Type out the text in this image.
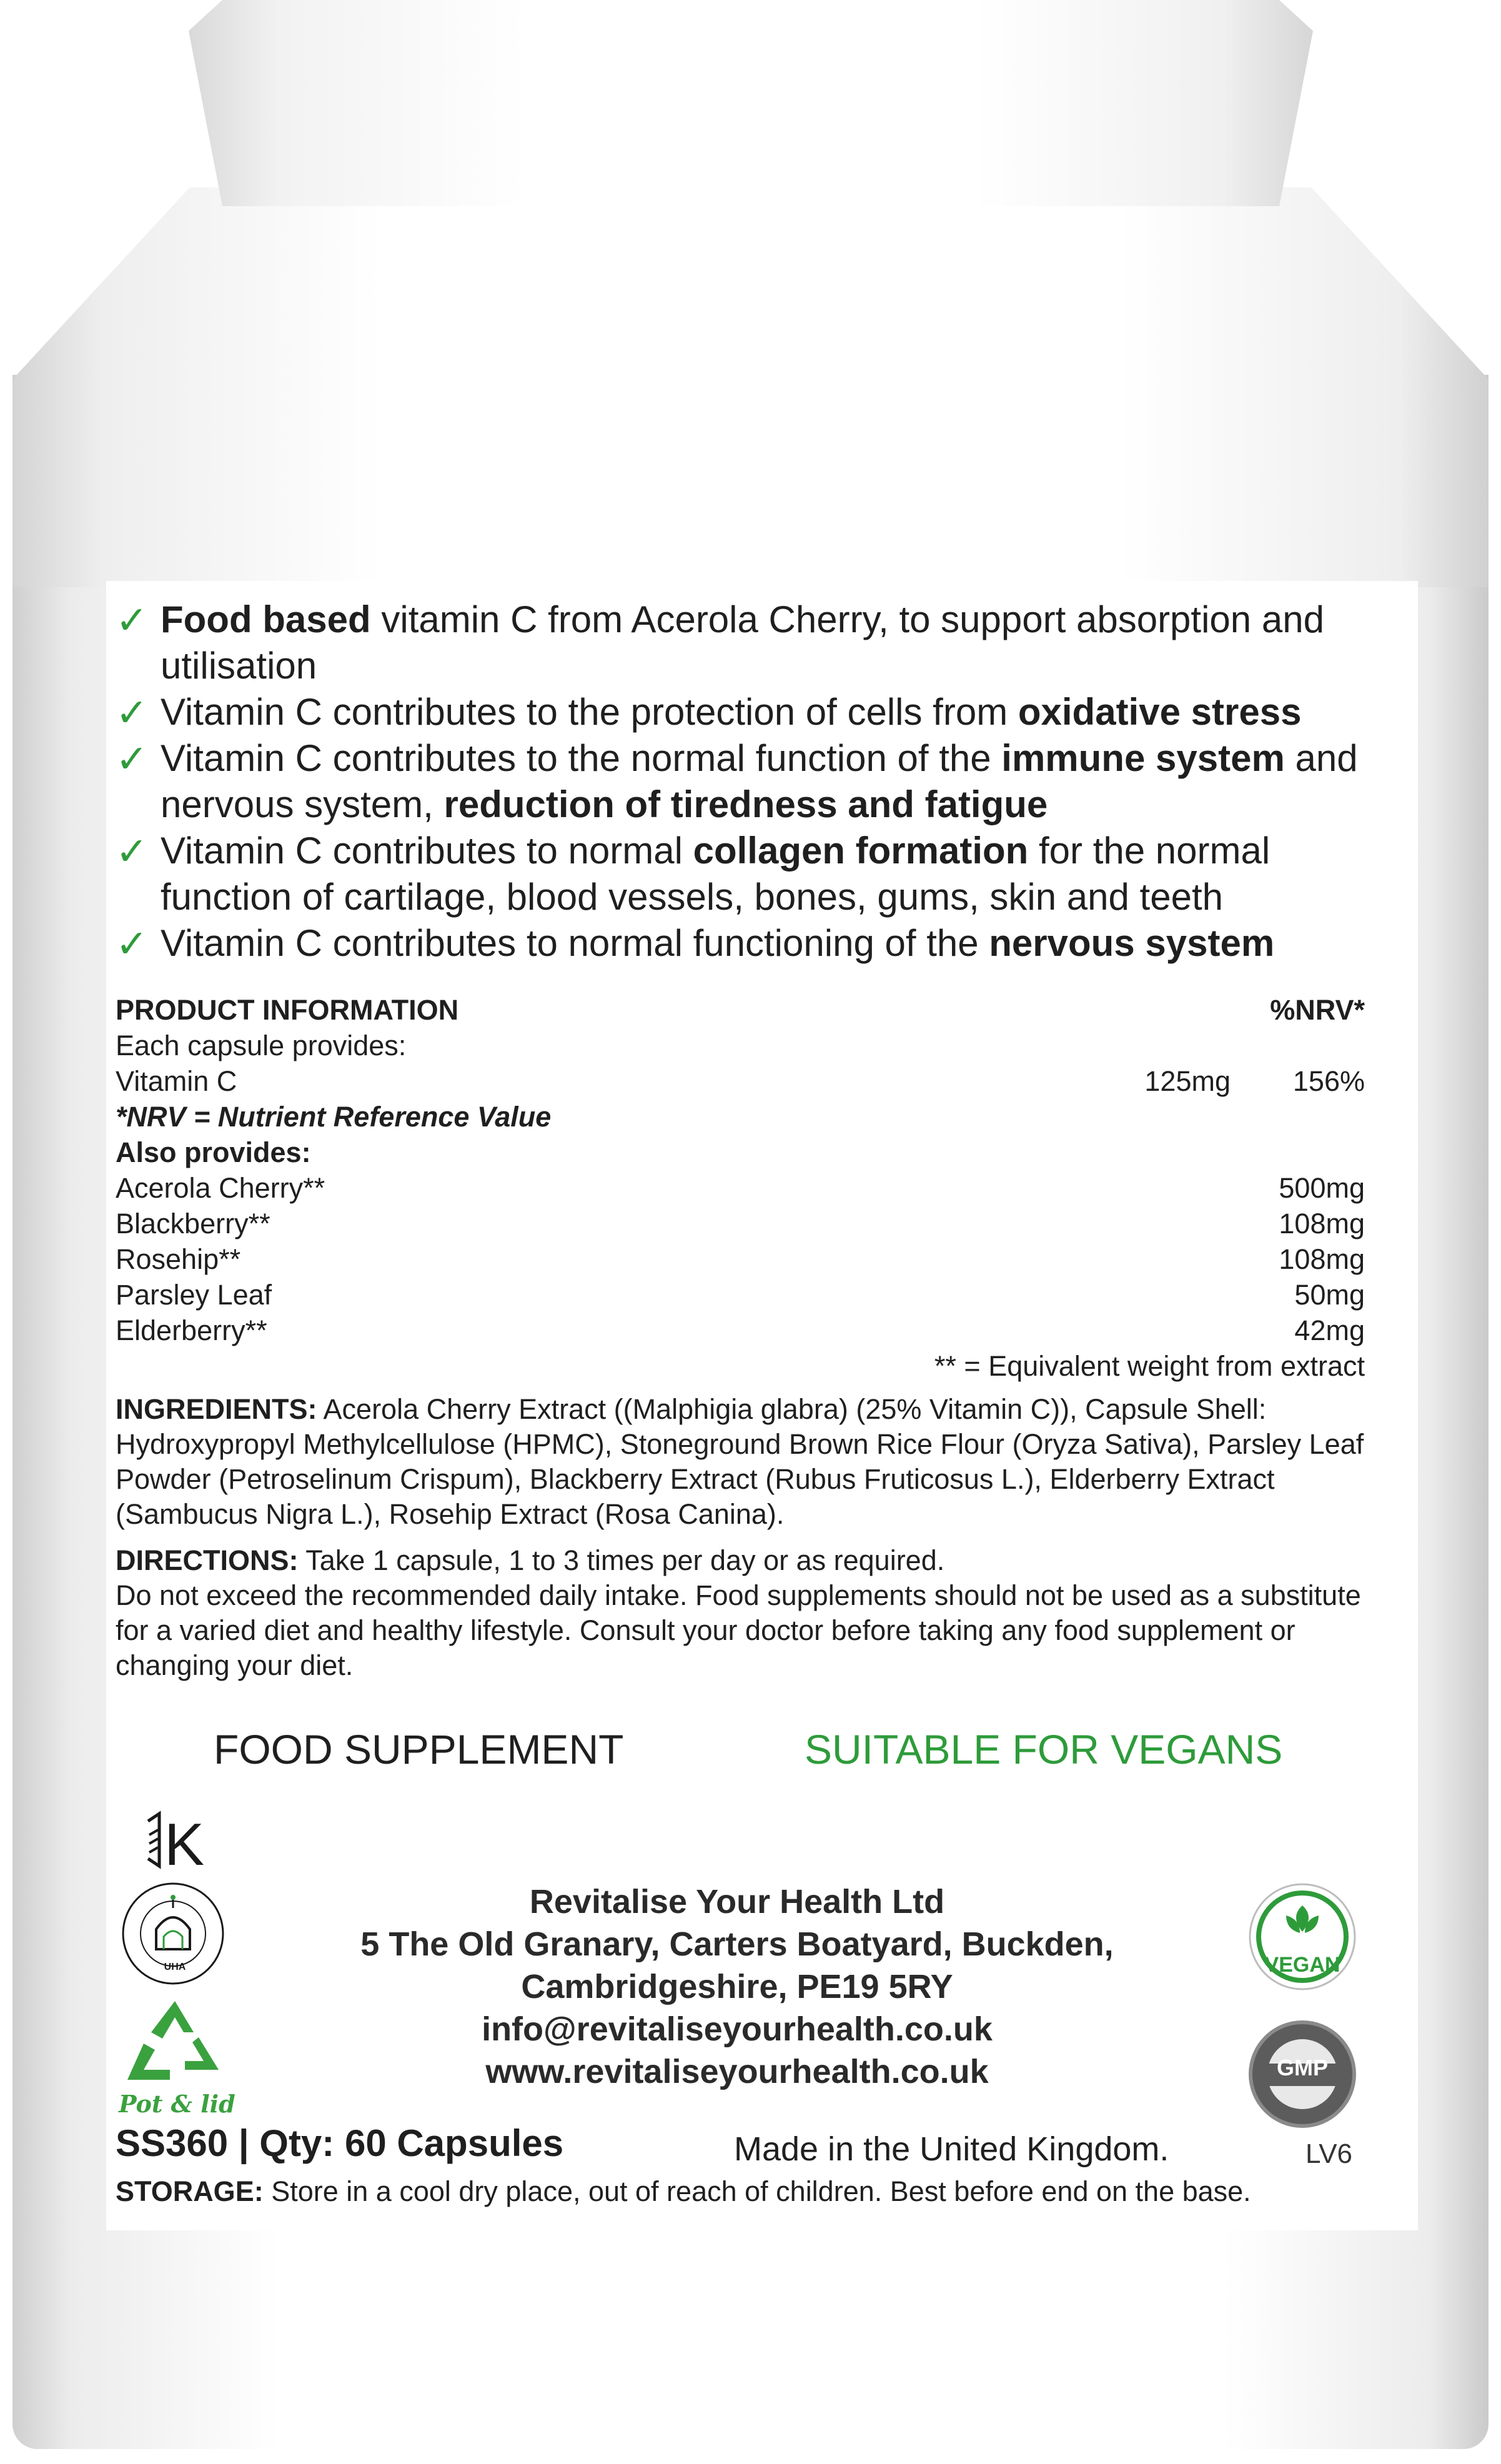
✓ Food based vitamin C from Acerola Cherry, to support absorption and utilisation
✓ Vitamin C contributes to the protection of cells from oxidative stress
✓ Vitamin C contributes to the normal function of the immune system and nervous system, reduction of tiredness and fatigue
✓ Vitamin C contributes to normal collagen formation for the normal function of cartilage, blood vessels, bones, gums, skin and teeth
✓ Vitamin C contributes to normal functioning of the nervous system
PRODUCT INFORMATION	%NRV*
Each capsule provides:
Vitamin C	125mg 156%
*NRV = Nutrient Reference Value
Also provides:
Acerola Cherry**	500mg
Blackberry**	108mg
Rosehip**	108mg
Parsley Leaf	50mg
Elderberry**	42mg
** = Equivalent weight from extract
INGREDIENTS: Acerola Cherry Extract ((Malphigia glabra) (25% Vitamin C)), Capsule Shell: Hydroxypropyl Methylcellulose (HPMC), Stoneground Brown Rice Flour (Oryza Sativa), Parsley Leaf Powder (Petroselinum Crispum), Blackberry Extract (Rubus Fruticosus L.), Elderberry Extract (Sambucus Nigra L.), Rosehip Extract (Rosa Canina).
DIRECTIONS: Take 1 capsule, 1 to 3 times per day or as required.
Do not exceed the recommended daily intake. Food supplements should not be used as a substitute for a varied diet and healthy lifestyle. Consult your doctor before taking any food supplement or changing your diet.
FOOD SUPPLEMENT	SUITABLE FOR VEGANS
K
UHA
Pot & lid
Revitalise Your Health Ltd
5 The Old Granary, Carters Boatyard, Buckden,
Cambridgeshire, PE19 5RY
info@revitaliseyourhealth.co.uk
www.revitaliseyourhealth.co.uk
VEGAN
GMP
SS360 | Qty: 60 Capsules	Made in the United Kingdom.	LV6
STORAGE: Store in a cool dry place, out of reach of children. Best before end on the base.
